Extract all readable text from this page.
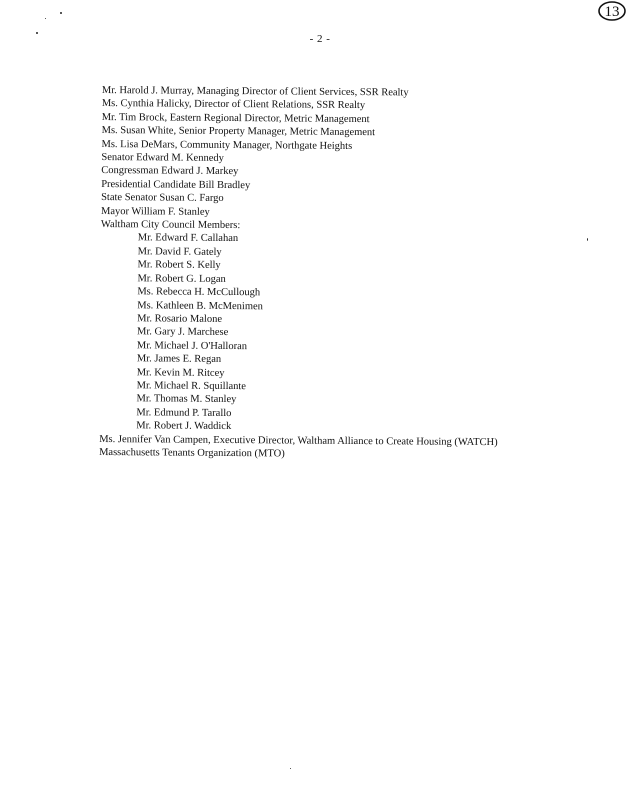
13
- 2 -
Mr. Harold J. Murray, Managing Director of Client Services, SSR Realty
Ms. Cynthia Halicky, Director of Client Relations, SSR Realty
Mr. Tim Brock, Eastern Regional Director, Metric Management
Ms. Susan White, Senior Property Manager, Metric Management
Ms. Lisa DeMars, Community Manager, Northgate Heights
Senator Edward M. Kennedy
Congressman Edward J. Markey
Presidential Candidate Bill Bradley
State Senator Susan C. Fargo
Mayor William F. Stanley
Waltham City Council Members:
Mr. Edward F. Callahan
Mr. David F. Gately
Mr. Robert S. Kelly
Mr. Robert G. Logan
Ms. Rebecca H. McCullough
Ms. Kathleen B. McMenimen
Mr. Rosario Malone
Mr. Gary J. Marchese
Mr. Michael J. O'Halloran
Mr. James E. Regan
Mr. Kevin M. Ritcey
Mr. Michael R. Squillante
Mr. Thomas M. Stanley
Mr. Edmund P. Tarallo
Mr. Robert J. Waddick
Ms. Jennifer Van Campen, Executive Director, Waltham Alliance to Create Housing (WATCH)
Massachusetts Tenants Organization (MTO)
